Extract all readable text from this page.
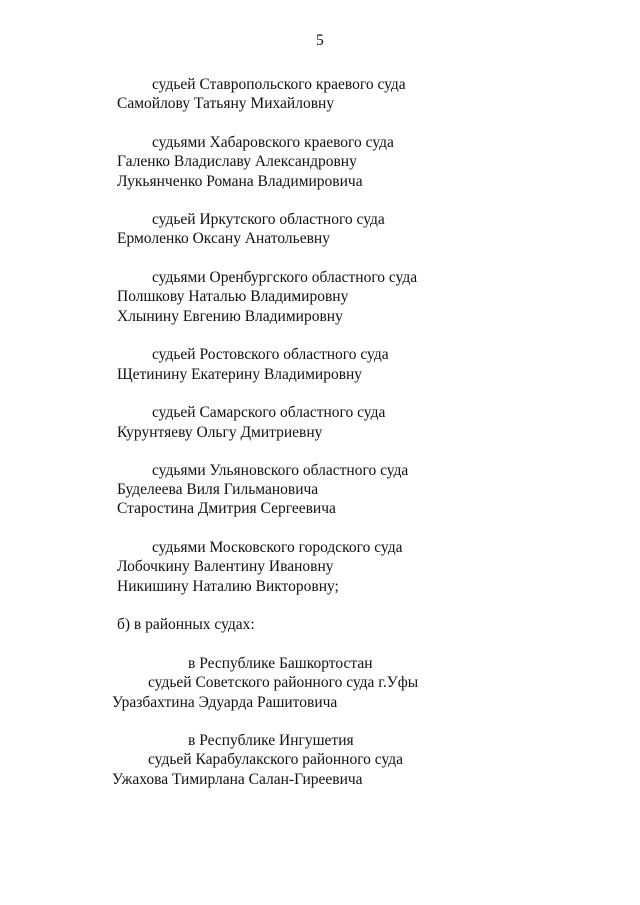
5
судьей Ставропольского краевого суда
Самойлову Татьяну Михайловну
судьями Хабаровского краевого суда
Галенко Владиславу Александровну
Лукьянченко Романа Владимировича
судьей Иркутского областного суда
Ермоленко Оксану Анатольевну
судьями Оренбургского областного суда
Полшкову Наталью Владимировну
Хлынину Евгению Владимировну
судьей Ростовского областного суда
Щетинину Екатерину Владимировну
судьей Самарского областного суда
Курунтяеву Ольгу Дмитриевну
судьями Ульяновского областного суда
Буделеева Виля Гильмановича
Старостина Дмитрия Сергеевича
судьями Московского городского суда
Лобочкину Валентину Ивановну
Никишину Наталию Викторовну;
б) в районных судах:
в Республике Башкортостан
судьей Советского районного суда г.Уфы
Уразбахтина Эдуарда Рашитовича
в Республике Ингушетия
судьей Карабулакского районного суда
Ужахова Тимирлана Салан-Гиреевича
